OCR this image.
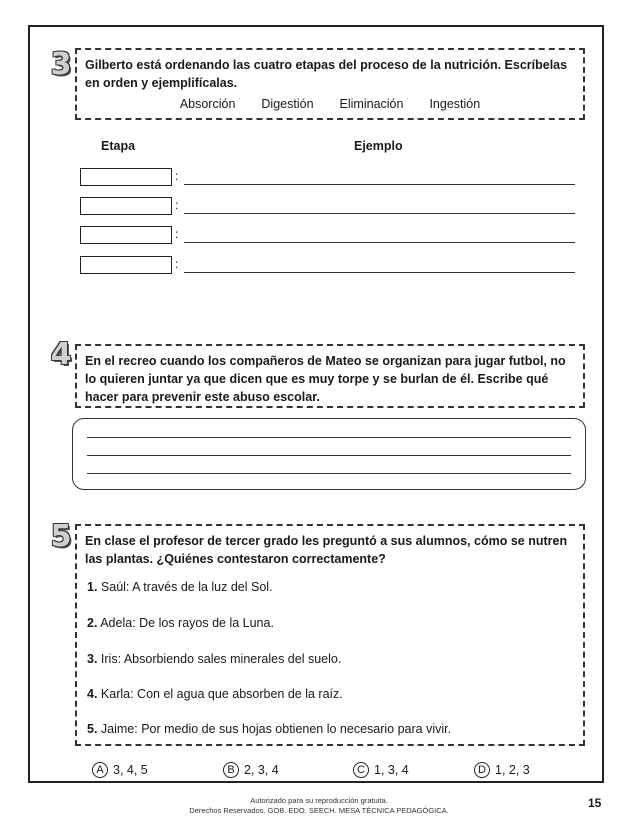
3 Gilberto está ordenando las cuatro etapas del proceso de la nutrición. Escríbelas en orden y ejemplifícalas.
Absorción Digestión Eliminación Ingestión
Etapa	Ejemplo
:
:
:
:
4 En el recreo cuando los compañeros de Mateo se organizan para jugar futbol, no lo quieren juntar ya que dicen que es muy torpe y se burlan de él. Escribe qué hacer para prevenir este abuso escolar.
5 En clase el profesor de tercer grado les preguntó a sus alumnos, cómo se nutren las plantas. ¿Quiénes contestaron correctamente?
1. Saúl: A través de la luz del Sol.
2. Adela: De los rayos de la Luna.
3. Iris: Absorbiendo sales minerales del suelo.
4. Karla: Con el agua que absorben de la raíz.
5. Jaime: Por medio de sus hojas obtienen lo necesario para vivir.
A 3, 4, 5	B 2, 3, 4	C 1, 3, 4	D 1, 2, 3
Autorizado para su reproducción gratuita.
Derechos Reservados. GOB. EDO. SEECH. MESA TÉCNICA PEDAGÓGICA.
15
